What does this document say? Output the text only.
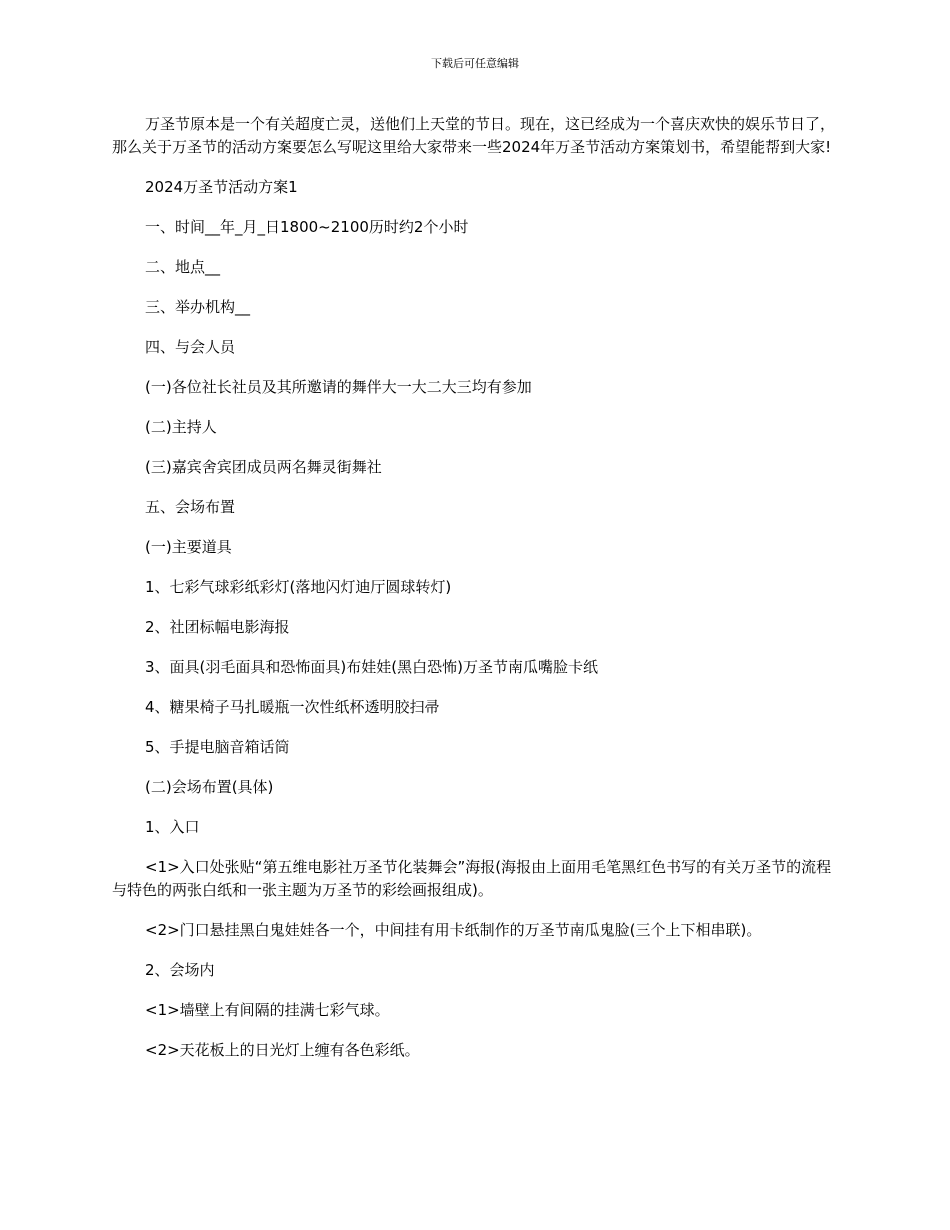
下载后可任意编辑

万圣节原本是一个有关超度亡灵，送他们上天堂的节日。现在，这已经成为一个喜庆欢快的娱乐节日了，那么关于万圣节的活动方案要怎么写呢这里给大家带来一些2024年万圣节活动方案策划书，希望能帮到大家!

2024万圣节活动方案1

一、时间__年_月_日1800~2100历时约2个小时

二、地点__

三、举办机构__

四、与会人员

(一)各位社长社员及其所邀请的舞伴大一大二大三均有参加

(二)主持人

(三)嘉宾舍宾团成员两名舞灵街舞社

五、会场布置

(一)主要道具

1、七彩气球彩纸彩灯(落地闪灯迪厅圆球转灯)

2、社团标幅电影海报

3、面具(羽毛面具和恐怖面具)布娃娃(黑白恐怖)万圣节南瓜嘴脸卡纸

4、糖果椅子马扎暖瓶一次性纸杯透明胶扫帚

5、手提电脑音箱话筒

(二)会场布置(具体)

1、入口

<1>入口处张贴“第五维电影社万圣节化装舞会”海报(海报由上面用毛笔黑红色书写的有关万圣节的流程与特色的两张白纸和一张主题为万圣节的彩绘画报组成)。

<2>门口悬挂黑白鬼娃娃各一个，中间挂有用卡纸制作的万圣节南瓜鬼脸(三个上下相串联)。

2、会场内

<1>墙壁上有间隔的挂满七彩气球。

<2>天花板上的日光灯上缠有各色彩纸。
